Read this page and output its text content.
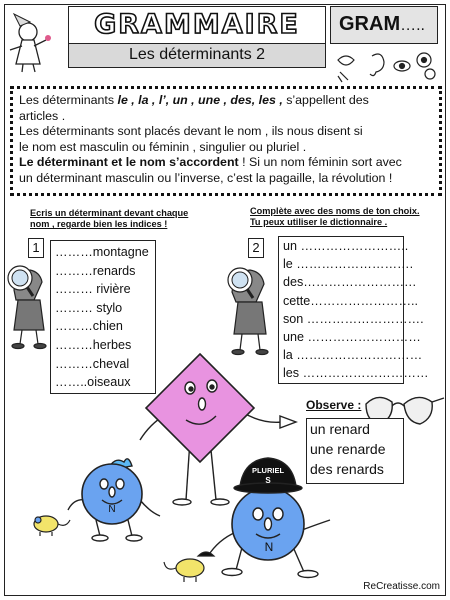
GRAMMAIRE
Les déterminants 2
GRAM…..

Les déterminants le , la , l’, un , une , des, les , s’appellent des

articles .

Les déterminants sont placés devant le nom , ils nous disent si

le nom est masculin ou féminin , singulier ou pluriel .

Le déterminant et le nom s’accordent ! Si un nom féminin sort avec

un déterminant masculin ou l’inverse, c’est la pagaille, la révolution !

PLURIEL
S
N
N
Ecris un déterminant devant chaque
nom , regarde bien les indices !
1	………montagne
………renards
……… rivière
……… stylo
………chien
………herbes
………cheval
……..oiseaux
Complète avec des noms de ton choix.
Tu peux utiliser le dictionnaire .
2	un ……………………..
le ……………………….
des………………………
cette……………………..
son ……………………….
une ………………………
la …………………………
les …………………………
Observe :
un renard
une renarde
des renards
ReCreatisse.com
